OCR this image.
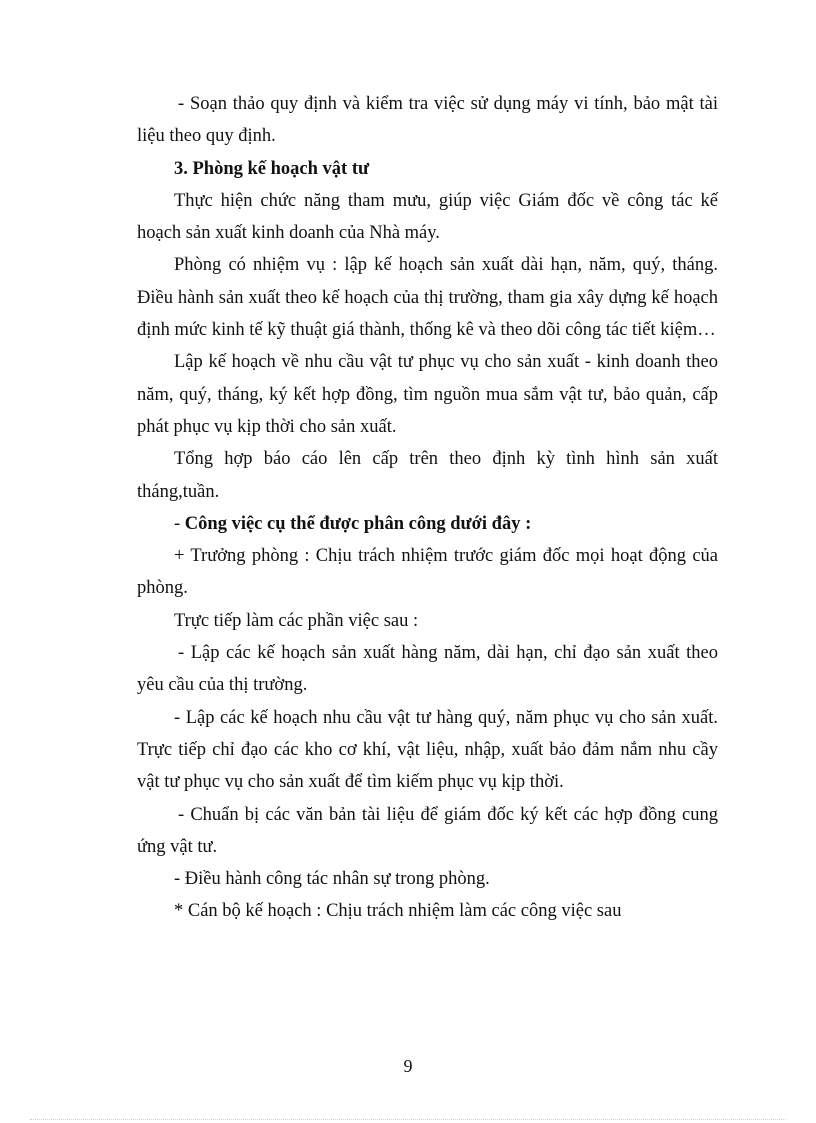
- Soạn thảo quy định và kiểm tra việc sử dụng máy vi tính, bảo mật tài liệu theo quy định.

3. Phòng kế hoạch vật tư

Thực hiện chức năng tham mưu, giúp việc Giám đốc về công tác kế hoạch sản xuất kinh doanh của Nhà máy.

Phòng có nhiệm vụ : lập kế hoạch sản xuất dài hạn, năm, quý, tháng. Điều hành sản xuất theo kế hoạch của thị trường, tham gia xây dựng kế hoạch định mức kinh tế kỹ thuật giá thành, thống kê và theo dõi công tác tiết kiệm…

Lập kế hoạch về nhu cầu vật tư phục vụ cho sản xuất - kinh doanh theo năm, quý, tháng, ký kết hợp đồng, tìm nguồn mua sắm vật tư, bảo quản, cấp phát phục vụ kịp thời cho sản xuất.

Tổng hợp báo cáo lên cấp trên theo định kỳ tình hình sản xuất tháng,tuần.

- Công việc cụ thể được phân công dưới đây :

+ Trưởng phòng : Chịu trách nhiệm trước giám đốc mọi hoạt động của phòng.

Trực tiếp làm các phần việc sau :

- Lập các kế hoạch sản xuất hàng năm, dài hạn, chỉ đạo sản xuất theo yêu cầu của thị trường.

- Lập các kế hoạch nhu cầu vật tư hàng quý, năm phục vụ cho sản xuất. Trực tiếp chỉ đạo các kho cơ khí, vật liệu, nhập, xuất bảo đảm nắm nhu cầy vật tư phục vụ cho sản xuất để tìm kiếm phục vụ kịp thời.

- Chuẩn bị các văn bản tài liệu để giám đốc ký kết các hợp đồng cung ứng vật tư.

- Điều hành công tác nhân sự trong phòng.

* Cán bộ kế hoạch : Chịu trách nhiệm làm các công việc sau

9
